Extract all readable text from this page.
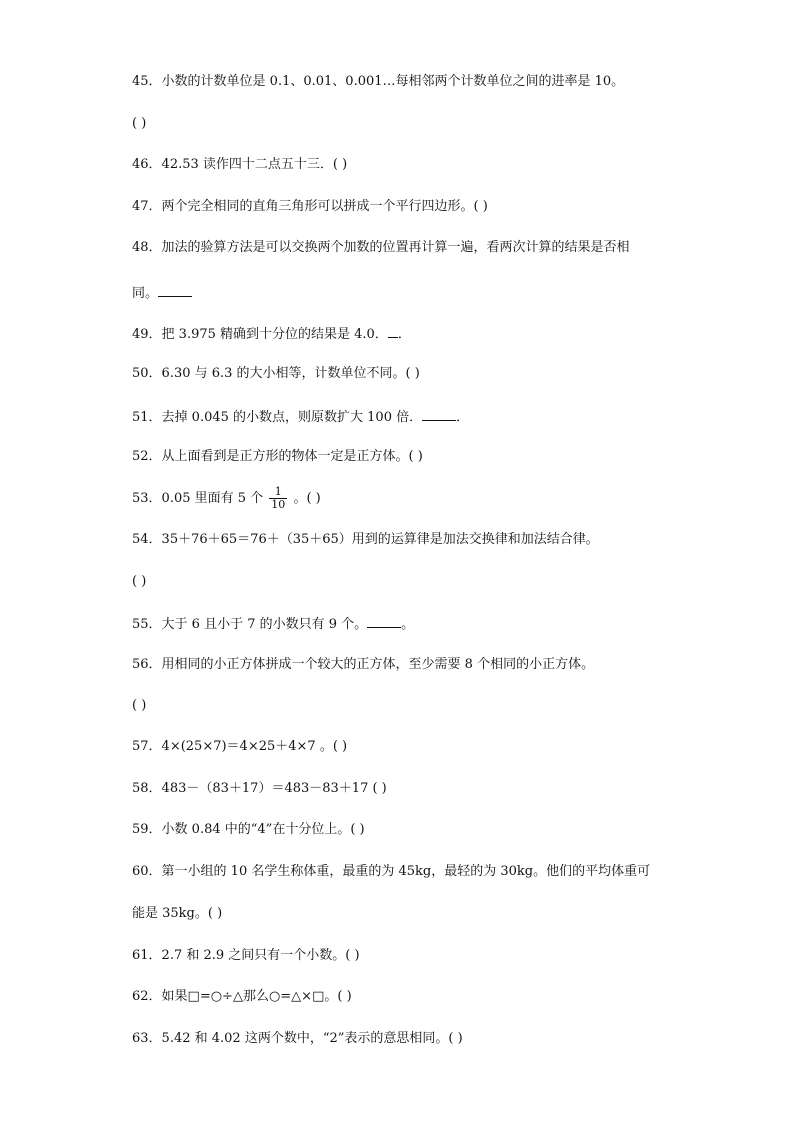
45．小数的计数单位是 0.1、0.01、0.001…每相邻两个计数单位之间的进率是 10。
( )
46．42.53 读作四十二点五十三．( )
47．两个完全相同的直角三角形可以拼成一个平行四边形。( )
48．加法的验算方法是可以交换两个加数的位置再计算一遍，看两次计算的结果是否相
同。
49．把 3.975 精确到十分位的结果是 4.0． ．
50．6.30 与 6.3 的大小相等，计数单位不同。( )
51．去掉 0.045 的小数点，则原数扩大 100 倍．	．
52．从上面看到是正方形的物体一定是正方体。( )
53．0.05 里面有 5 个 $\frac{1}{10}$ 。( )
54．35＋76＋65＝76＋（35＋65）用到的运算律是加法交换律和加法结合律。
( )
55．大于 6 且小于 7 的小数只有 9 个。	。
56．用相同的小正方体拼成一个较大的正方体，至少需要 8 个相同的小正方体。
( )
57．4×(25×7)＝4×25＋4×7 。( )
58．483－（83＋17）＝483－83＋17 ( )
59．小数 0.84 中的“4”在十分位上。( )
60．第一小组的 10 名学生称体重，最重的为 45kg，最轻的为 30kg。他们的平均体重可
能是 35kg。( )
61．2.7 和 2.9 之间只有一个小数。( )
62．如果□=○÷△那么○=△×□。( )
63．5.42 和 4.02 这两个数中，“2”表示的意思相同。( )
